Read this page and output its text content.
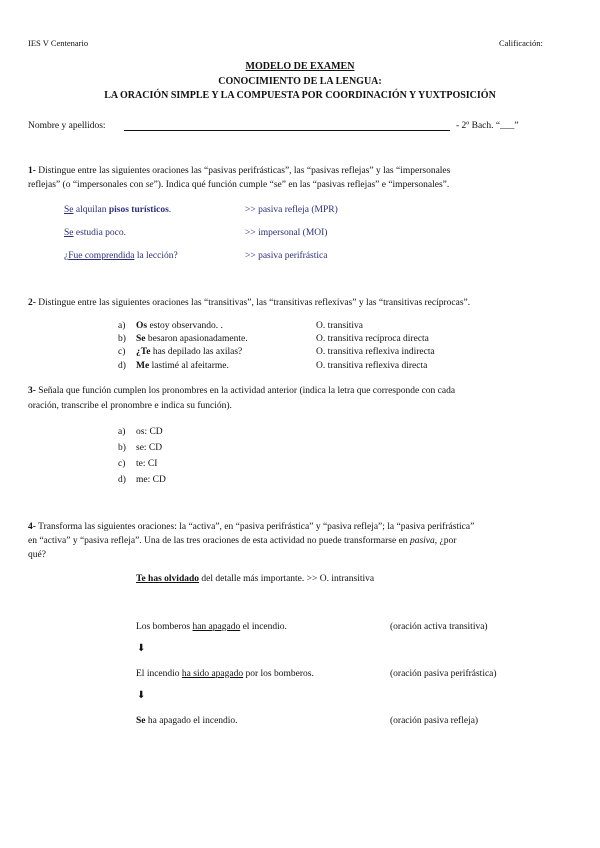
IES V Centenario	Calificación:
MODELO DE EXAMEN
CONOCIMIENTO DE LA LENGUA:
LA ORACIÓN SIMPLE Y LA COMPUESTA POR COORDINACIÓN Y YUXTPOSICIÓN
Nombre y apellidos:	- 2º Bach. “___”
1- Distingue entre las siguientes oraciones las “pasivas perifrásticas”, las “pasivas reflejas” y las “impersonales
reflejas” (o “impersonales con se”). Indica qué función cumple “se” en las “pasivas reflejas” e “impersonales”.
Se alquilan pisos turísticos.	>> pasiva refleja (MPR)
Se estudia poco.	>> impersonal (MOI)
¿Fue comprendida la lección?	>> pasiva perifrástica
2- Distingue entre las siguientes oraciones las “transitivas”, las “transitivas reflexivas” y las “transitivas recíprocas”.
a) Os estoy observando. .	O. transitiva
b) Se besaron apasionadamente.	O. transitiva recíproca directa
c) ¿Te has depilado las axilas?	O. transitiva reflexiva indirecta
d) Me lastimé al afeitarme.	O. transitiva reflexiva directa
3- Señala que función cumplen los pronombres en la actividad anterior (indica la letra que corresponde con cada
oración, transcribe el pronombre e indica su función).
a) os: CD
b) se: CD
c) te: CI
d) me: CD
4- Transforma las siguientes oraciones: la “activa”, en “pasiva perifrástica” y “pasiva refleja”; la “pasiva perifrástica”
en “activa” y “pasiva refleja”. Una de las tres oraciones de esta actividad no puede transformarse en pasiva, ¿por
qué?
Te has olvidado del detalle más importante. >> O. intransitiva
Los bomberos han apagado el incendio.	(oración activa transitiva)
⬇
El incendio ha sido apagado por los bomberos.	(oración pasiva perifrástica)
⬇
Se ha apagado el incendio.	(oración pasiva refleja)
